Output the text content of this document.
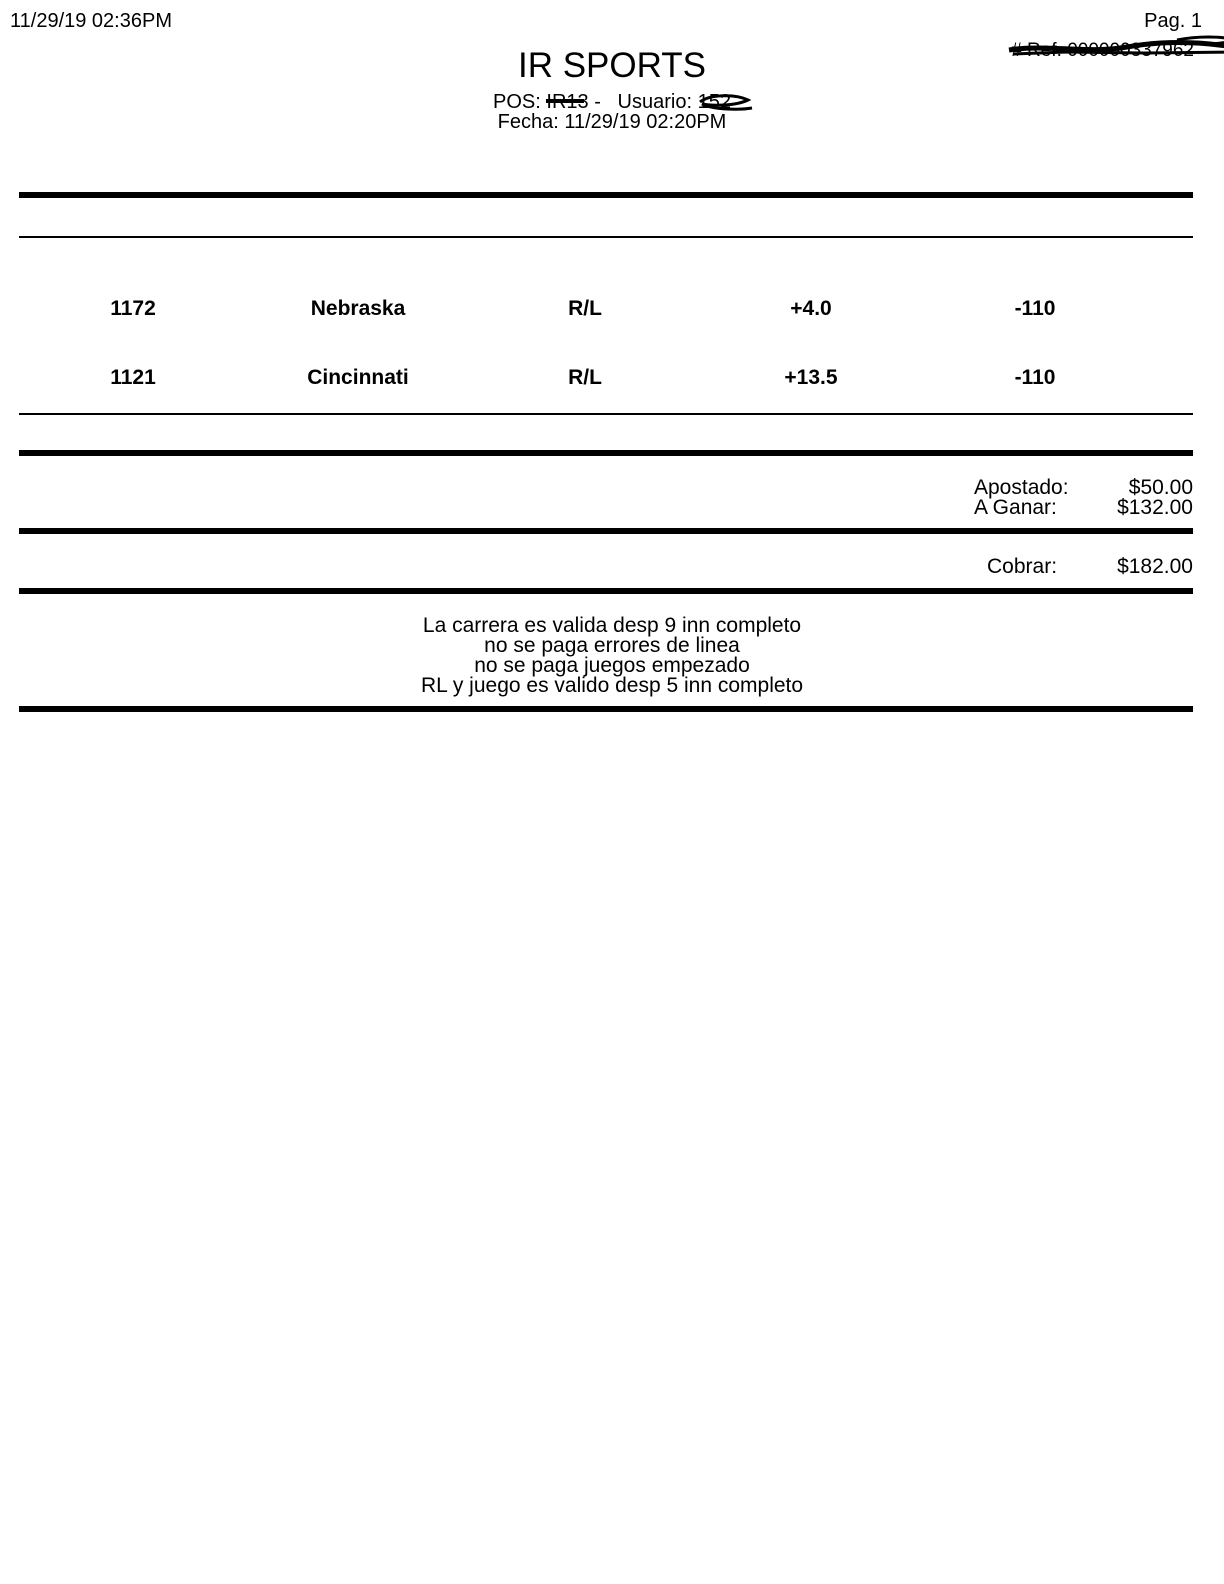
11/29/19 02:36PM	Pag. 1
# Ref. 000000337962
IR SPORTS
POS: IR13 - Usuario: 152
Fecha: 11/29/19 02:20PM
1172	Nebraska	R/L	+4.0	-110
1121	Cincinnati	R/L	+13.5	-110
Apostado:	$50.00
A Ganar:	$132.00
Cobrar:	$182.00
La carrera es valida desp 9 inn completo
no se paga errores de linea
no se paga juegos empezado
RL y juego es valido desp 5 inn completo
